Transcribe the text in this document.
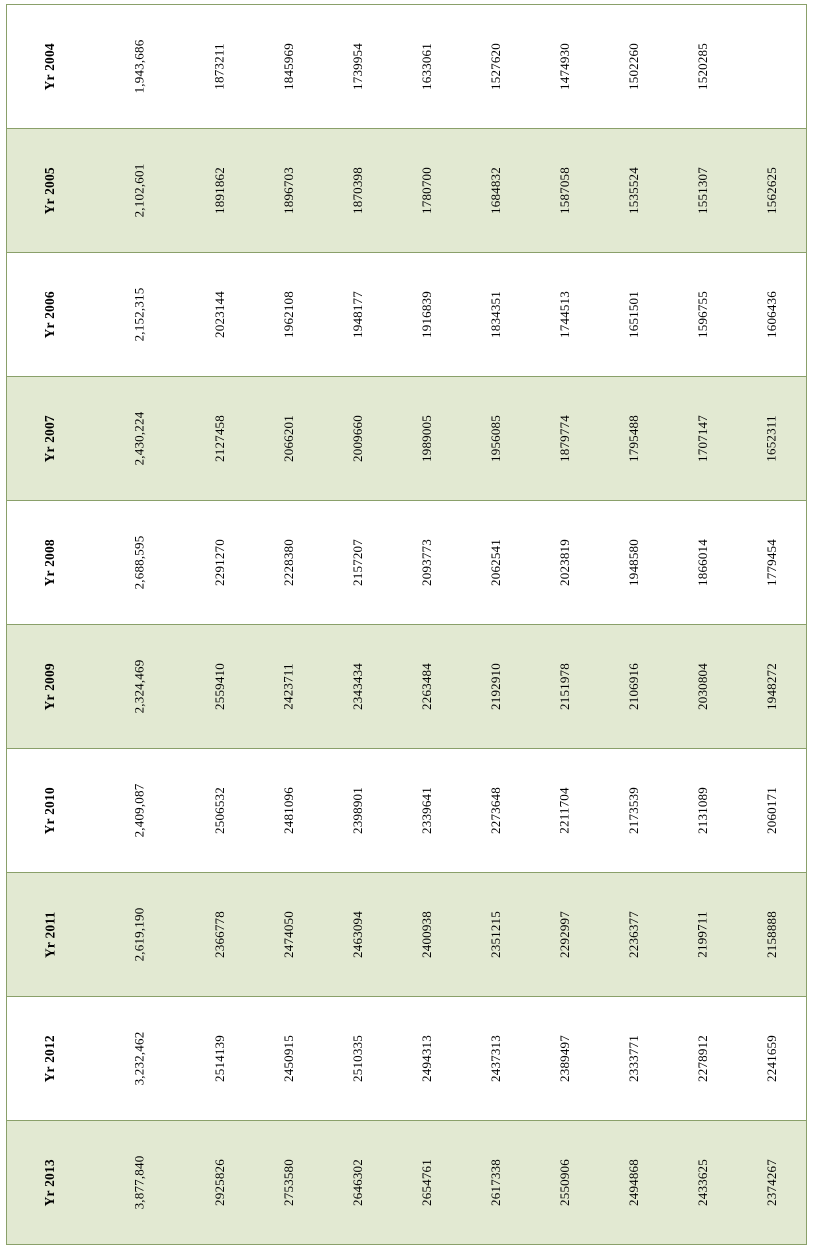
Yr 2004	1,943,686	1873211	1845969	1739954	1633061	1527620	1474930	1502260	1520285

Yr 2005	2,102,601	1891862	1896703	1870398	1780700	1684832	1587058	1535524	1551307	1562625

Yr 2006	2,152,315	2023144	1962108	1948177	1916839	1834351	1744513	1651501	1596755	1606436

Yr 2007	2,430,224	2127458	2066201	2009660	1989005	1956085	1879774	1795488	1707147	1652311

Yr 2008	2,688,595	2291270	2228380	2157207	2093773	2062541	2023819	1948580	1866014	1779454

Yr 2009	2,324,469	2559410	2423711	2343434	2263484	2192910	2151978	2106916	2030804	1948272

Yr 2010	2,409,087	2506532	2481096	2398901	2339641	2273648	2211704	2173539	2131089	2060171

Yr 2011	2,619,190	2366778	2474050	2463094	2400938	2351215	2292997	2236377	2199711	2158888

Yr 2012	3,232,462	2514139	2450915	2510335	2494313	2437313	2389497	2333771	2278912	2241659

Yr 2013	3,877,840	2925826	2753580	2646302	2654761	2617338	2550906	2494868	2433625	2374267
